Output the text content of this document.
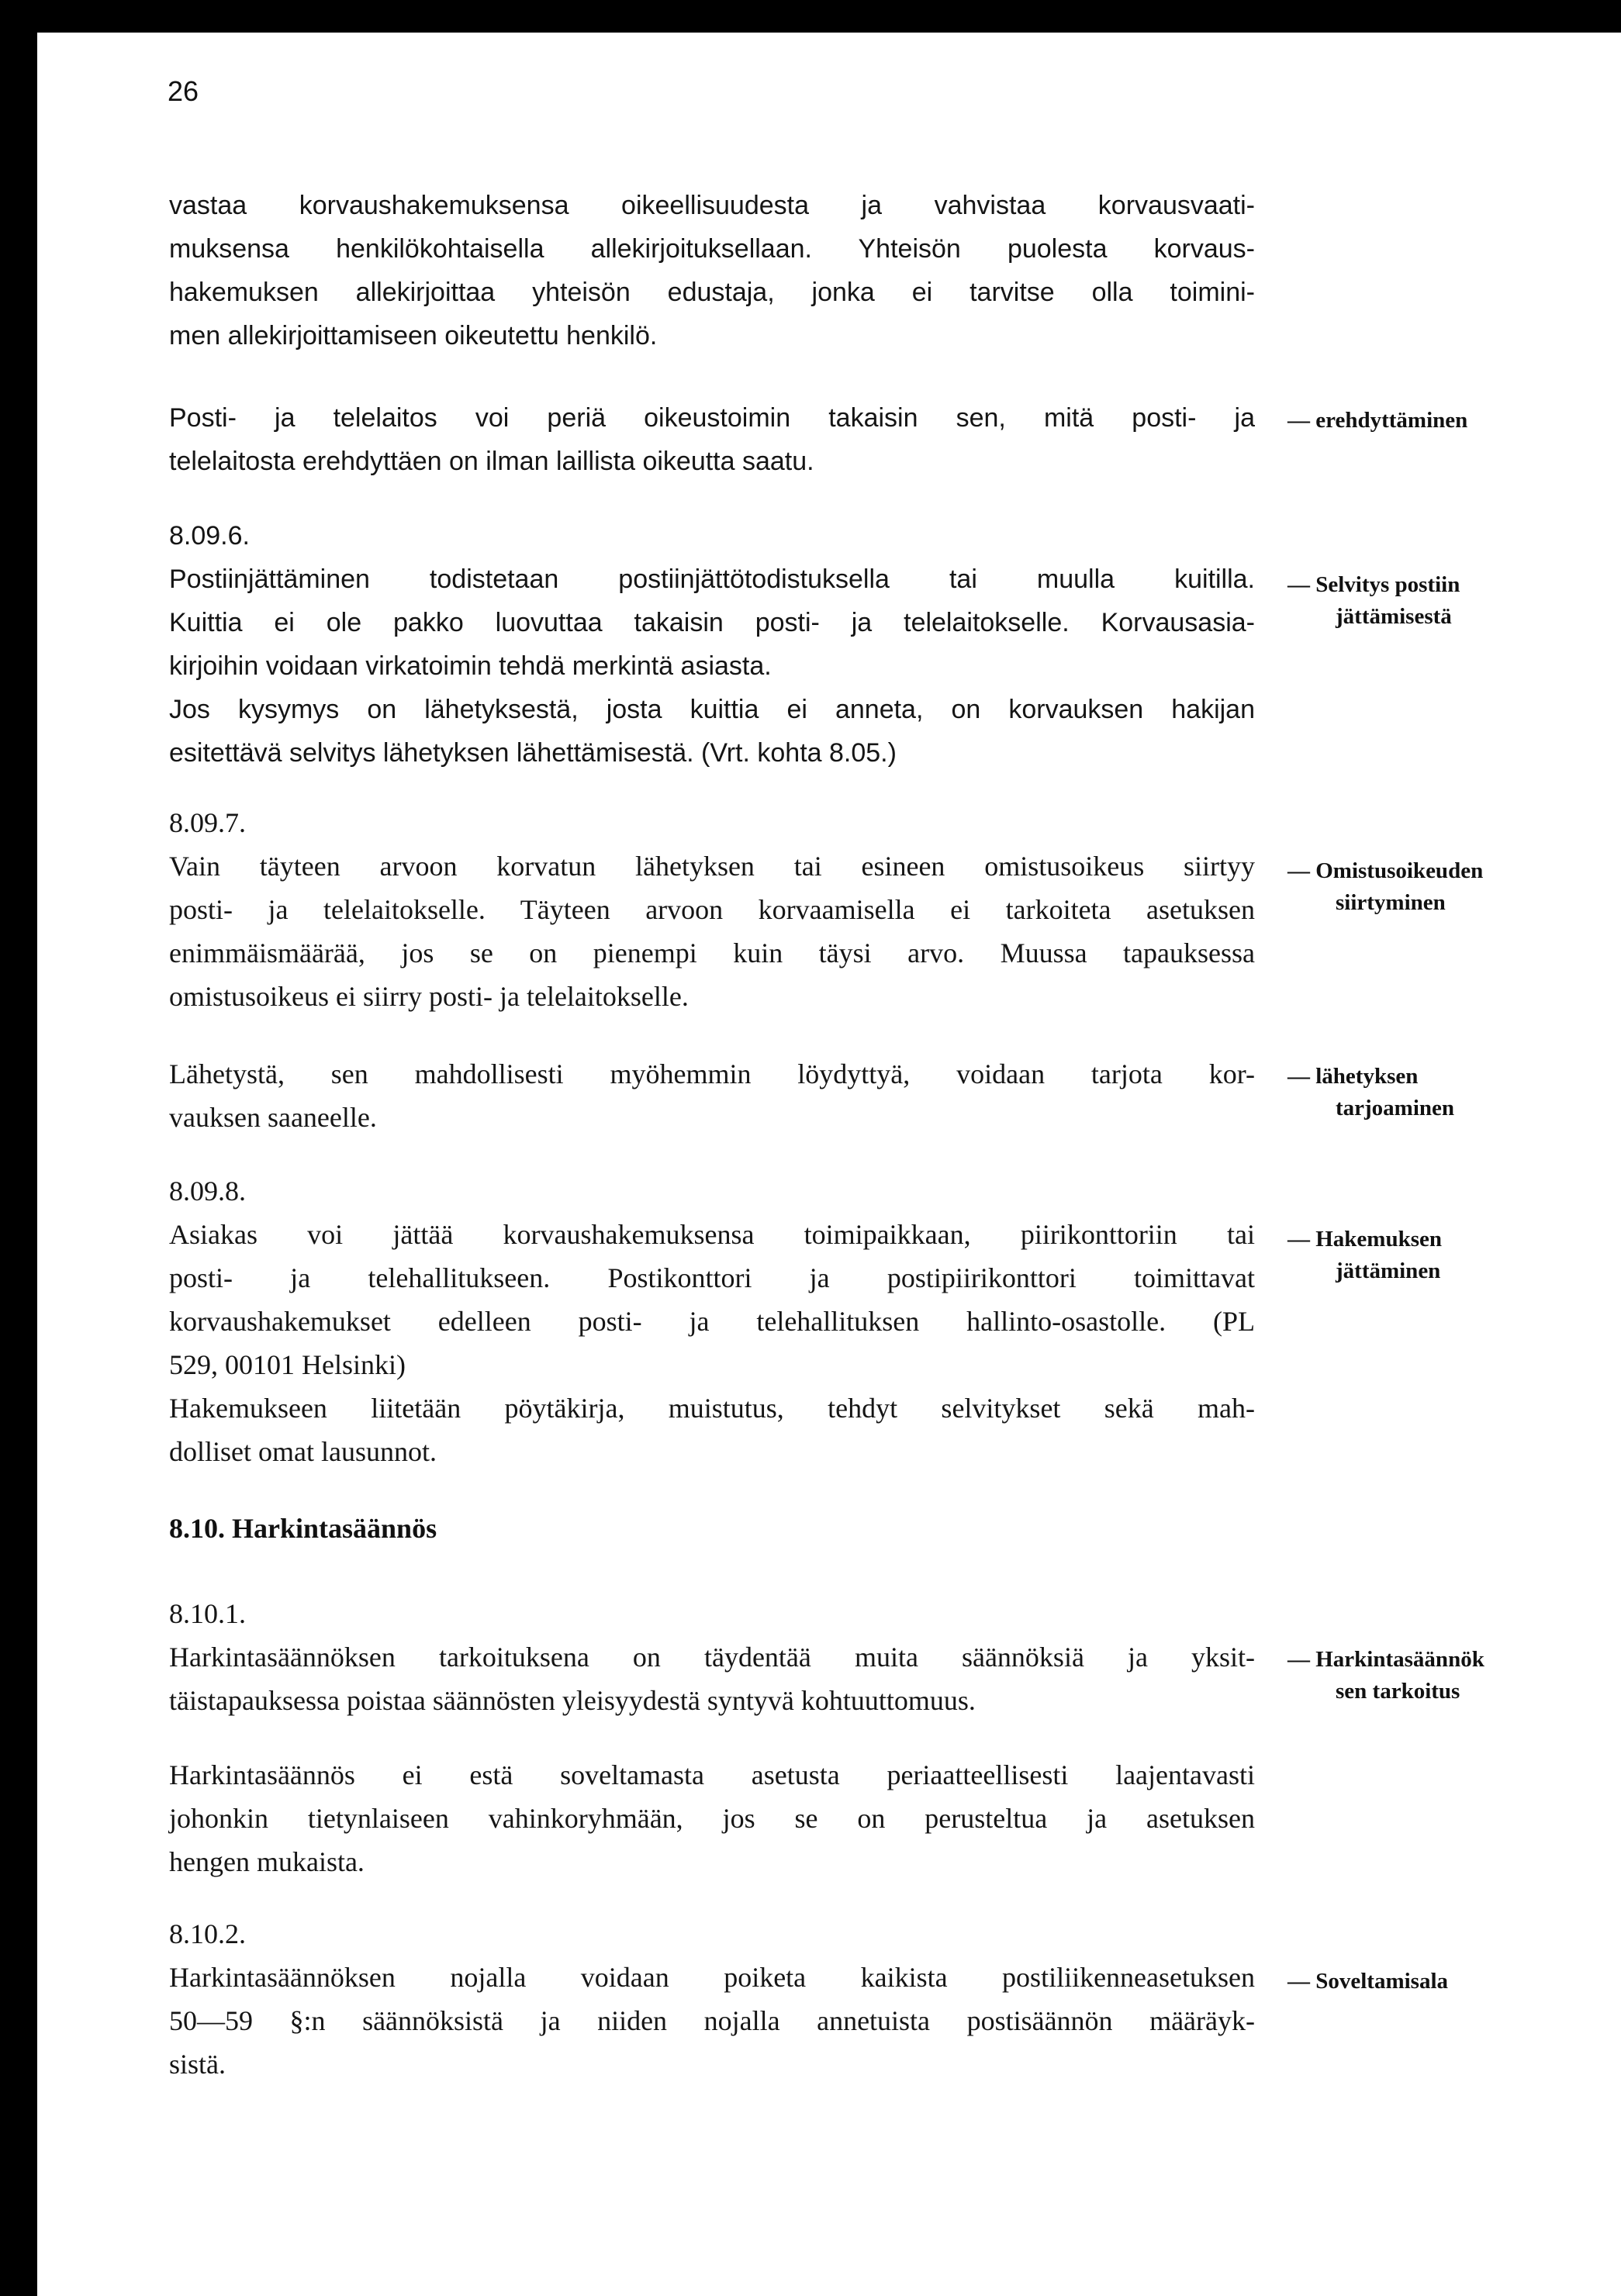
26
vastaa korvaushakemuksensa oikeellisuudesta ja vahvistaa korvausvaati-
muksensa henkilökohtaisella allekirjoituksellaan. Yhteisön puolesta korvaus-
hakemuksen allekirjoittaa yhteisön edustaja, jonka ei tarvitse olla toimini-
men allekirjoittamiseen oikeutettu henkilö.
Posti- ja telelaitos voi periä oikeustoimin takaisin sen, mitä posti- ja
telelaitosta erehdyttäen on ilman laillista oikeutta saatu.
— erehdyttäminen
8.09.6.
Postiinjättäminen todistetaan postiinjättötodistuksella tai muulla kuitilla.
Kuittia ei ole pakko luovuttaa takaisin posti- ja telelaitokselle. Korvausasia-
kirjoihin voidaan virkatoimin tehdä merkintä asiasta.
Jos kysymys on lähetyksestä, josta kuittia ei anneta, on korvauksen hakijan
esitettävä selvitys lähetyksen lähettämisestä. (Vrt. kohta 8.05.)
— Selvitys postiin
jättämisestä
8.09.7.
Vain täyteen arvoon korvatun lähetyksen tai esineen omistusoikeus siirtyy
posti- ja telelaitokselle. Täyteen arvoon korvaamisella ei tarkoiteta asetuksen
enimmäismäärää, jos se on pienempi kuin täysi arvo. Muussa tapauksessa
omistusoikeus ei siirry posti- ja telelaitokselle.
— Omistusoikeuden
siirtyminen
Lähetystä, sen mahdollisesti myöhemmin löydyttyä, voidaan tarjota kor-
vauksen saaneelle.
— lähetyksen
tarjoaminen
8.09.8.
Asiakas voi jättää korvaushakemuksensa toimipaikkaan, piirikonttoriin tai
posti- ja telehallitukseen. Postikonttori ja postipiirikonttori toimittavat
korvaushakemukset edelleen posti- ja telehallituksen hallinto-osastolle. (PL
529, 00101 Helsinki)
Hakemukseen liitetään pöytäkirja, muistutus, tehdyt selvitykset sekä mah-
dolliset omat lausunnot.
— Hakemuksen
jättäminen
8.10. Harkintasäännös
8.10.1.
Harkintasäännöksen tarkoituksena on täydentää muita säännöksiä ja yksit-
täistapauksessa poistaa säännösten yleisyydestä syntyvä kohtuuttomuus.
— Harkintasäännök
sen tarkoitus
Harkintasäännös ei estä soveltamasta asetusta periaatteellisesti laajentavasti
johonkin tietynlaiseen vahinkoryhmään, jos se on perusteltua ja asetuksen
hengen mukaista.
8.10.2.
Harkintasäännöksen nojalla voidaan poiketa kaikista postiliikenneasetuksen
50—59 §:n säännöksistä ja niiden nojalla annetuista postisäännön määräyk-
sistä.
— Soveltamisala
